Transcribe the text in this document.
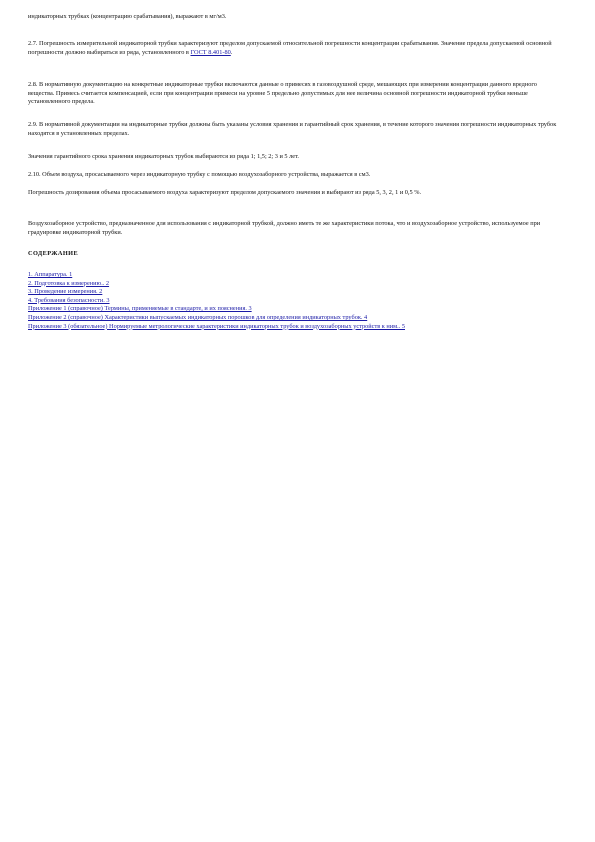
индикаторных трубках (концентрацию срабатывания), выражают в мг/м3.

2.7. Погрешность измерительной индикаторной трубки характеризуют пределом допускаемой относительной погрешности концентрации срабатывания. Значение предела допускаемой основной погрешности должно выбираться из ряда, установленного в ГОСТ 8.401-80.

2.8. В нормативную документацию на конкретные индикаторные трубки включаются данные о примесях в газовоздушной среде, мешающих при измерении концентрации данного вредного вещества. Примесь считается компенсацией, если при концентрации примеси на уровне 5 предельно допустимых для нее величина основной погрешности индикаторной трубки меньше установленного предела.

2.9. В нормативной документации на индикаторные трубки должны быть указаны условия хранения и гарантийный срок хранения, в течение которого значения погрешности индикаторных трубок находятся в установленных пределах.

Значения гарантийного срока хранения индикаторных трубок выбираются из ряда 1; 1,5; 2; 3 и 5 лет.

2.10. Объем воздуха, просасываемого через индикаторную трубку с помощью воздухозаборного устройства, выражается в см3.

Погрешность дозирования объема просасываемого воздуха характеризуют пределом допускаемого значения и выбирают из ряда 5, 3, 2, 1 и 0,5 %.

Воздухозаборное устройство, предназначенное для использования с индикаторной трубкой, должно иметь те же характеристики потока, что и воздухозаборное устройство, используемое при градуировке индикаторной трубки.

СОДЕРЖАНИЕ

1. Аппаратура. 1
2. Подготовка к измерению.. 2
3. Проведение измерения. 2
4. Требования безопасности. 3
Приложение 1 (справочное) Термины, применяемые в стандарте, и их пояснения. 3
Приложение 2 (справочное) Характеристики выпускаемых индикаторных порошков для определения индикаторных трубок. 4
Приложение 3 (обязательное) Нормируемые метрологические характеристики индикаторных трубок и воздухозаборных устройств к ним.. 5
